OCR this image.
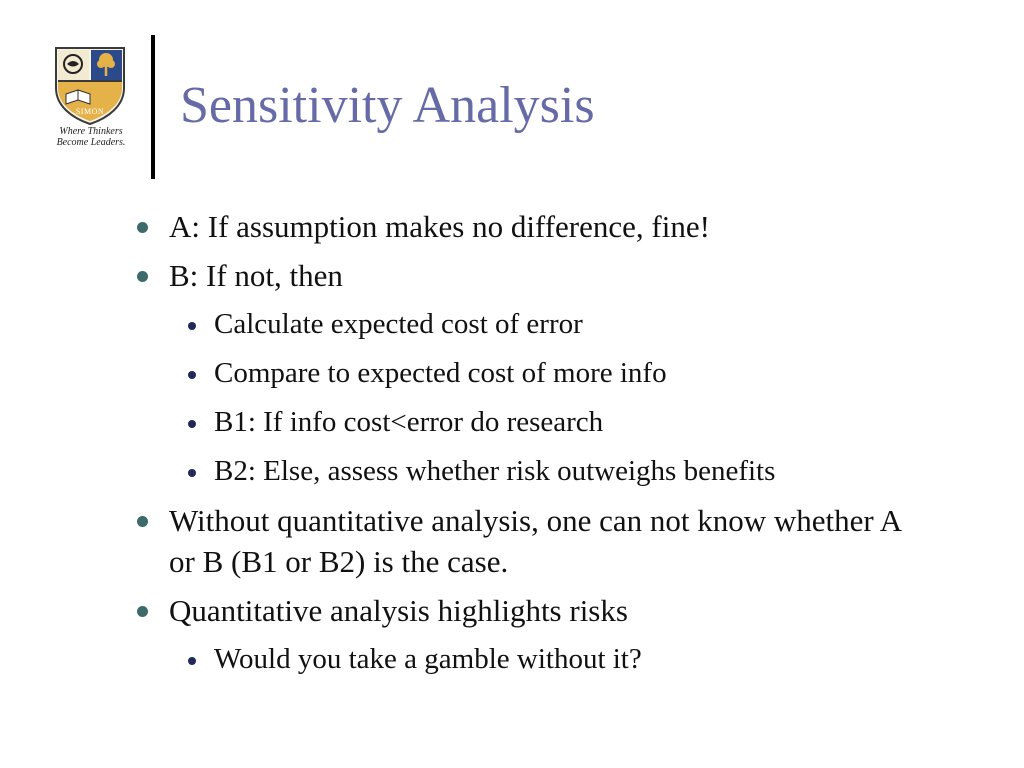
SIMON
Where Thinkers
Become Leaders.
Sensitivity Analysis
A: If assumption makes no difference, fine!
B: If not, then
Calculate expected cost of error
Compare to expected cost of more info
B1: If info cost<error do research
B2: Else, assess whether risk outweighs benefits
Without quantitative analysis, one can not know whether A or B (B1 or B2) is the case.
Quantitative analysis highlights risks
Would you take a gamble without it?
